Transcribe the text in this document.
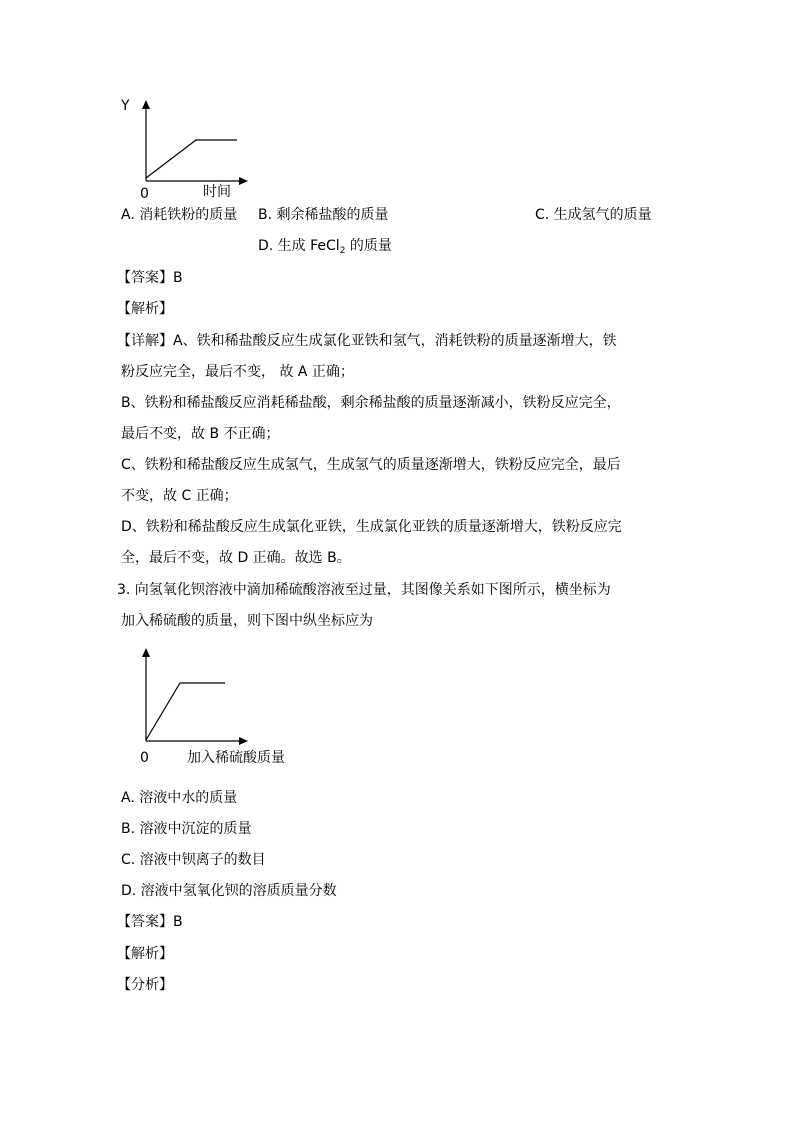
Y
0	时间
A. 消耗铁粉的质量 B. 剩余稀盐酸的质量	C. 生成氢气的质量
D. 生成 FeCl$_2$ 的质量
【答案】B
【解析】
【详解】A、铁和稀盐酸反应生成氯化亚铁和氢气，消耗铁粉的质量逐渐增大，铁
粉反应完全，最后不变， 故 A 正确；
B、铁粉和稀盐酸反应消耗稀盐酸，剩余稀盐酸的质量逐渐减小，铁粉反应完全，
最后不变，故 B 不正确；
C、铁粉和稀盐酸反应生成氢气，生成氢气的质量逐渐增大，铁粉反应完全，最后
不变，故 C 正确；
D、铁粉和稀盐酸反应生成氯化亚铁，生成氯化亚铁的质量逐渐增大，铁粉反应完
全，最后不变，故 D 正确。故选 B。
3. 向氢氧化钡溶液中滴加稀硫酸溶液至过量，其图像关系如下图所示，横坐标为
加入稀硫酸的质量，则下图中纵坐标应为
0	加入稀硫酸质量
A. 溶液中水的质量
B. 溶液中沉淀的质量
C. 溶液中钡离子的数目
D. 溶液中氢氧化钡的溶质质量分数
【答案】B
【解析】
【分析】
